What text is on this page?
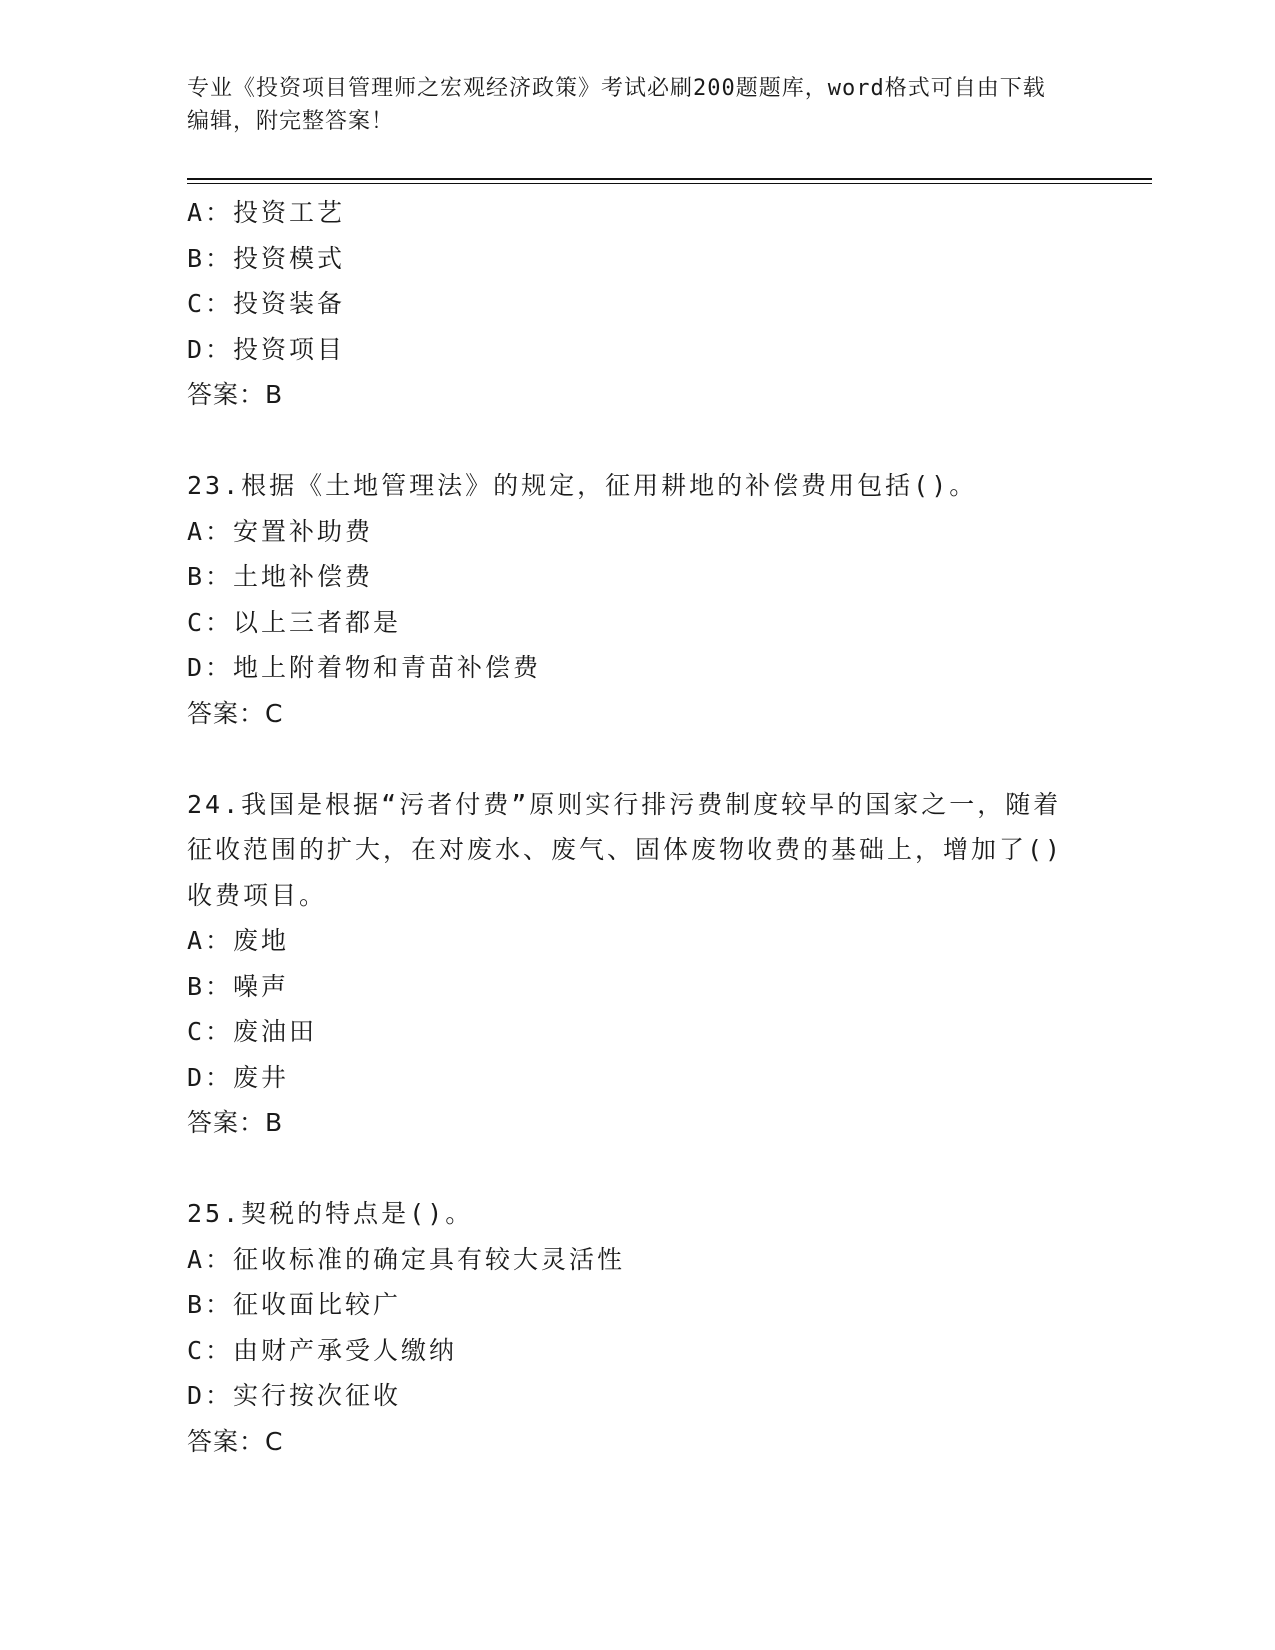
专业《投资项目管理师之宏观经济政策》考试必刷200题题库，word格式可自由下载编辑，附完整答案！
A：投资工艺
B：投资模式
C：投资装备
D：投资项目
答案：B
23.根据《土地管理法》的规定，征用耕地的补偿费用包括()。
A：安置补助费
B：土地补偿费
C：以上三者都是
D：地上附着物和青苗补偿费
答案：C
24.我国是根据“污者付费”原则实行排污费制度较早的国家之一，随着征收范围的扩大，在对废水、废气、固体废物收费的基础上，增加了()收费项目。
A：废地
B：噪声
C：废油田
D：废井
答案：B
25.契税的特点是()。
A：征收标准的确定具有较大灵活性
B：征收面比较广
C：由财产承受人缴纳
D：实行按次征收
答案：C
